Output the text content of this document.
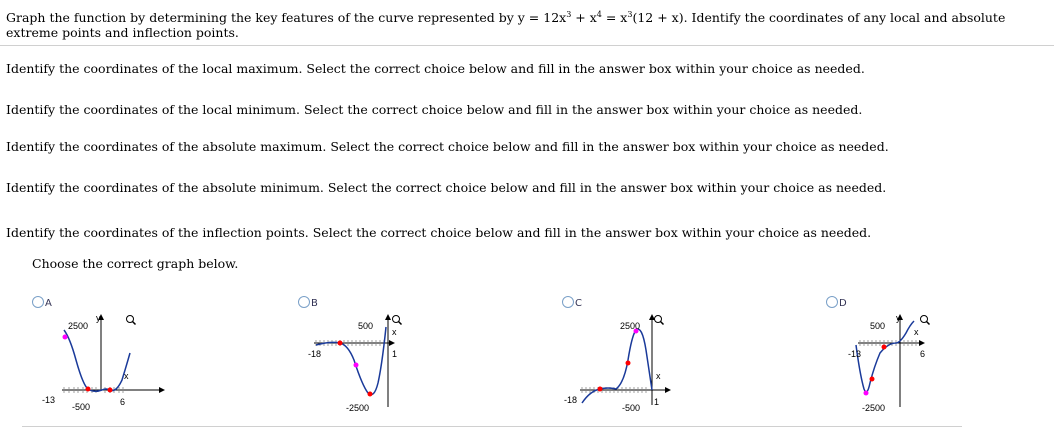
Graph the function by determining the key features of the curve represented by $y = 12x^3 + x^4 = x^3(12 + x)$. Identify the coordinates of any local and absolute extreme points and inflection points.
Identify the coordinates of the local maximum. Select the correct choice below and fill in the answer box within your choice as needed.
Identify the coordinates of the local minimum. Select the correct choice below and fill in the answer box within your choice as needed.
Identify the coordinates of the absolute maximum. Select the correct choice below and fill in the answer box within your choice as needed.
Identify the coordinates of the absolute minimum. Select the correct choice below and fill in the answer box within your choice as needed.
Identify the coordinates of the inflection points. Select the correct choice below and fill in the answer box within your choice as needed.
Choose the correct graph below.
A	B	C	D
2500
y
x
-13	6
-500
500
x
-18	1
-2500
2500
x
-18	1
-500
500
y
x
-13	6
-2500
